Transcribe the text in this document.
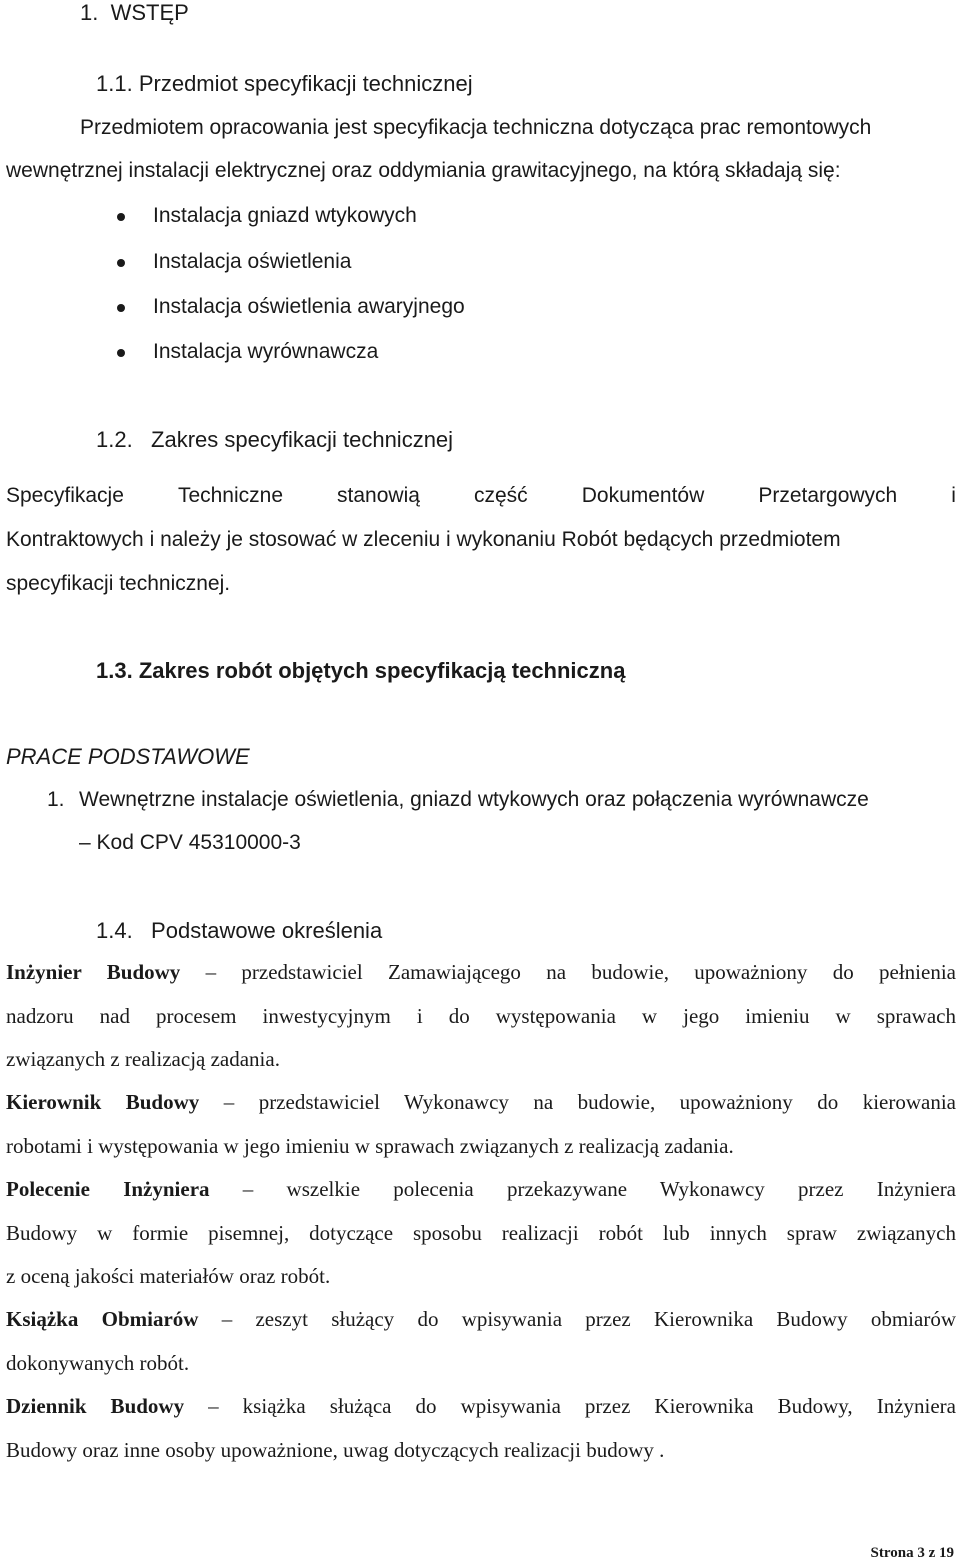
1. WSTĘP
1.1. Przedmiot specyfikacji technicznej
Przedmiotem opracowania jest specyfikacja techniczna dotycząca prac remontowych
wewnętrznej instalacji elektrycznej oraz oddymiania grawitacyjnego, na którą składają się:
Instalacja gniazd wtykowych
Instalacja oświetlenia
Instalacja oświetlenia awaryjnego
Instalacja wyrównawcza
1.2. Zakres specyfikacji technicznej
Specyfikacje	Techniczne	stanowią	część	Dokumentów	Przetargowych	i
Kontraktowych i należy je stosować w zleceniu i wykonaniu Robót będących przedmiotem
specyfikacji technicznej.
1.3. Zakres robót objętych specyfikacją techniczną
PRACE PODSTAWOWE
1. Wewnętrzne instalacje oświetlenia, gniazd wtykowych oraz połączenia wyrównawcze
– Kod CPV 45310000-3
1.4. Podstawowe określenia
Inżynier Budowy – przedstawiciel Zamawiającego na budowie, upoważniony do pełnienia
nadzoru nad procesem inwestycyjnym i do występowania w jego imieniu w sprawach
związanych z realizacją zadania.
Kierownik Budowy – przedstawiciel Wykonawcy na budowie, upoważniony do kierowania
robotami i występowania w jego imieniu w sprawach związanych z realizacją zadania.
Polecenie Inżyniera – wszelkie polecenia przekazywane Wykonawcy przez Inżyniera
Budowy w formie pisemnej, dotyczące sposobu realizacji robót lub innych spraw związanych
z oceną jakości materiałów oraz robót.
Książka Obmiarów – zeszyt służący do wpisywania przez Kierownika Budowy obmiarów
dokonywanych robót.
Dziennik Budowy – książka służąca do wpisywania przez Kierownika Budowy, Inżyniera
Budowy oraz inne osoby upoważnione, uwag dotyczących realizacji budowy .
Strona 3 z 19
